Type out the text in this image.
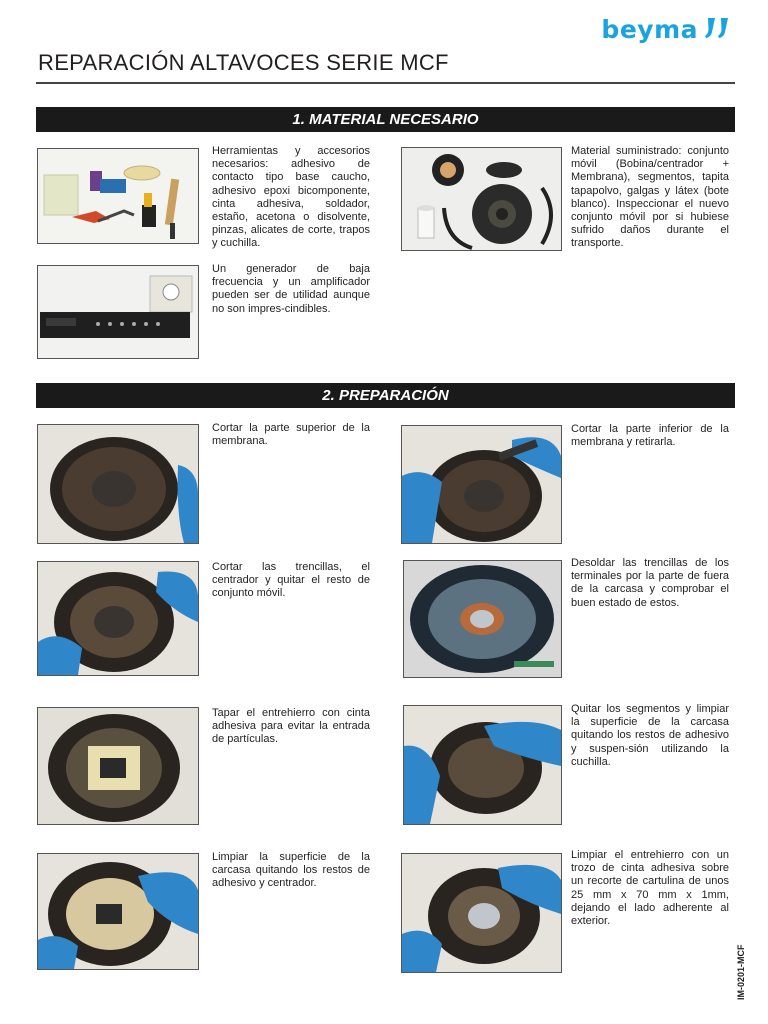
beyma
REPARACIÓN ALTAVOCES SERIE MCF
1. MATERIAL NECESARIO
Herramientas y accesorios necesarios: adhesivo de contacto tipo base caucho, adhesivo epoxi bicomponente, cinta adhesiva, soldador, estaño, acetona o disolvente, pinzas, alicates de corte, trapos y cuchilla.
Material suministrado: conjunto móvil (Bobina/centrador + Membrana), segmentos, tapita tapapolvo, galgas y látex (bote blanco). Inspeccionar el nuevo conjunto móvil por si hubiese sufrido daños durante el transporte.
Un generador de baja frecuencia y un amplificador pueden ser de utilidad aunque no son impres-cindibles.
2. PREPARACIÓN
Cortar la parte superior de la membrana.
Cortar la parte inferior de la membrana y retirarla.
Cortar las trencillas, el centrador y quitar el resto de conjunto móvil.
Desoldar las trencillas de los terminales por la parte de fuera de la carcasa y comprobar el buen estado de estos.
Tapar el entrehierro con cinta adhesiva para evitar la entrada de partículas.
Quitar los segmentos y limpiar la superficie de la carcasa quitando los restos de adhesivo y suspen-sión utilizando la cuchilla.
Limpiar la superficie de la carcasa quitando los restos de adhesivo y centrador.
Limpiar el entrehierro con un trozo de cinta adhesiva sobre un recorte de cartulina de unos 25 mm x 70 mm x 1mm, dejando el lado adherente al exterior.
IM-0201-MCF
